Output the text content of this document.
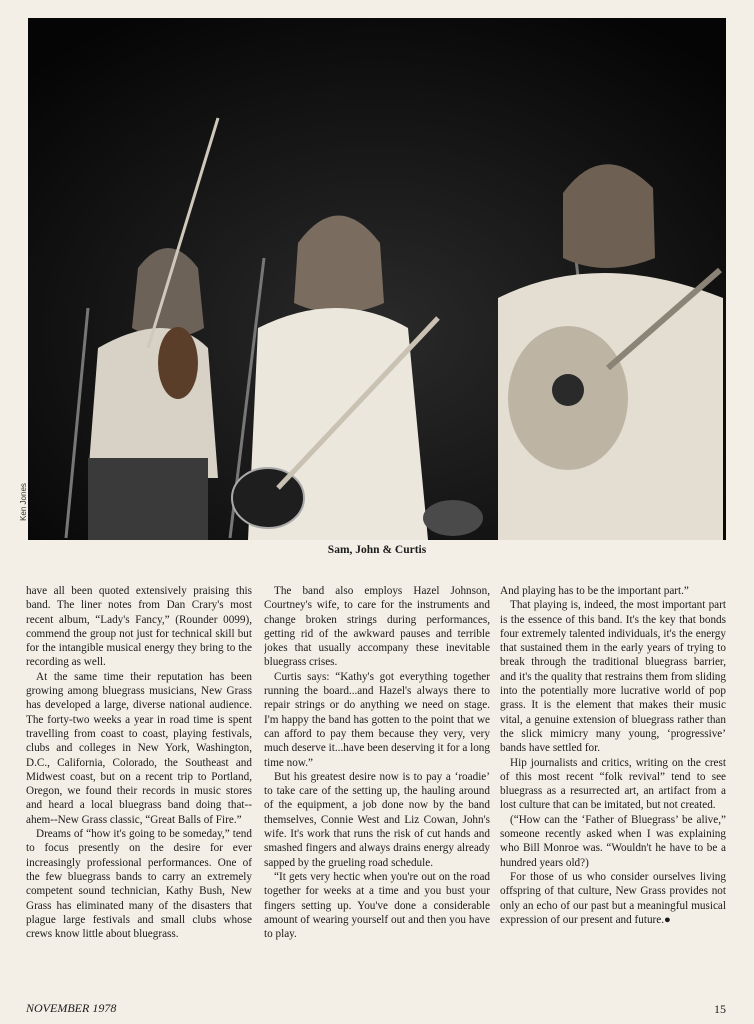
Ken Jones
Sam, John & Curtis

have all been quoted extensively praising this band. The liner notes from Dan Crary's most recent album, “Lady's Fancy,” (Rounder 0099), commend the group not just for technical skill but for the intangible musical energy they bring to the recording as well.

At the same time their reputation has been growing among bluegrass musicians, New Grass has developed a large, diverse national audience. The forty-two weeks a year in road time is spent travelling from coast to coast, playing festivals, clubs and colleges in New York, Washington, D.C., California, Colorado, the Southeast and Midwest coast, but on a recent trip to Portland, Oregon, we found their records in music stores and heard a local bluegrass band doing that--ahem--New Grass classic, “Great Balls of Fire.”

Dreams of “how it's going to be someday,” tend to focus presently on the desire for ever increasingly professional performances. One of the few bluegrass bands to carry an extremely competent sound technician, Kathy Bush, New Grass has eliminated many of the disasters that plague large festivals and small clubs whose crews know little about bluegrass.

The band also employs Hazel Johnson, Courtney's wife, to care for the instruments and change broken strings during performances, getting rid of the awkward pauses and terrible jokes that usually accompany these inevitable bluegrass crises.

Curtis says: “Kathy's got everything together running the board...and Hazel's always there to repair strings or do anything we need on stage. I'm happy the band has gotten to the point that we can afford to pay them because they very, very much deserve it...have been deserving it for a long time now.”

But his greatest desire now is to pay a ‘roadie’ to take care of the setting up, the hauling around of the equipment, a job done now by the band themselves, Connie West and Liz Cowan, John's wife. It's work that runs the risk of cut hands and smashed fingers and always drains energy already sapped by the grueling road schedule.

“It gets very hectic when you're out on the road together for weeks at a time and you bust your fingers setting up. You've done a considerable amount of wearing yourself out and then you have to play.

And playing has to be the important part.”

That playing is, indeed, the most important part is the essence of this band. It's the key that bonds four extremely talented individuals, it's the energy that sustained them in the early years of trying to break through the traditional bluegrass barrier, and it's the quality that restrains them from sliding into the potentially more lucrative world of pop grass. It is the element that makes their music vital, a genuine extension of bluegrass rather than the slick mimicry many young, ‘progressive’ bands have settled for.

Hip journalists and critics, writing on the crest of this most recent “folk revival” tend to see bluegrass as a resurrected art, an artifact from a lost culture that can be imitated, but not created.

(“How can the ‘Father of Bluegrass’ be alive,” someone recently asked when I was explaining who Bill Monroe was. “Wouldn't he have to be a hundred years old?)

For those of us who consider ourselves living offspring of that culture, New Grass provides not only an echo of our past but a meaningful musical expression of our present and future.●

NOVEMBER 1978	15
